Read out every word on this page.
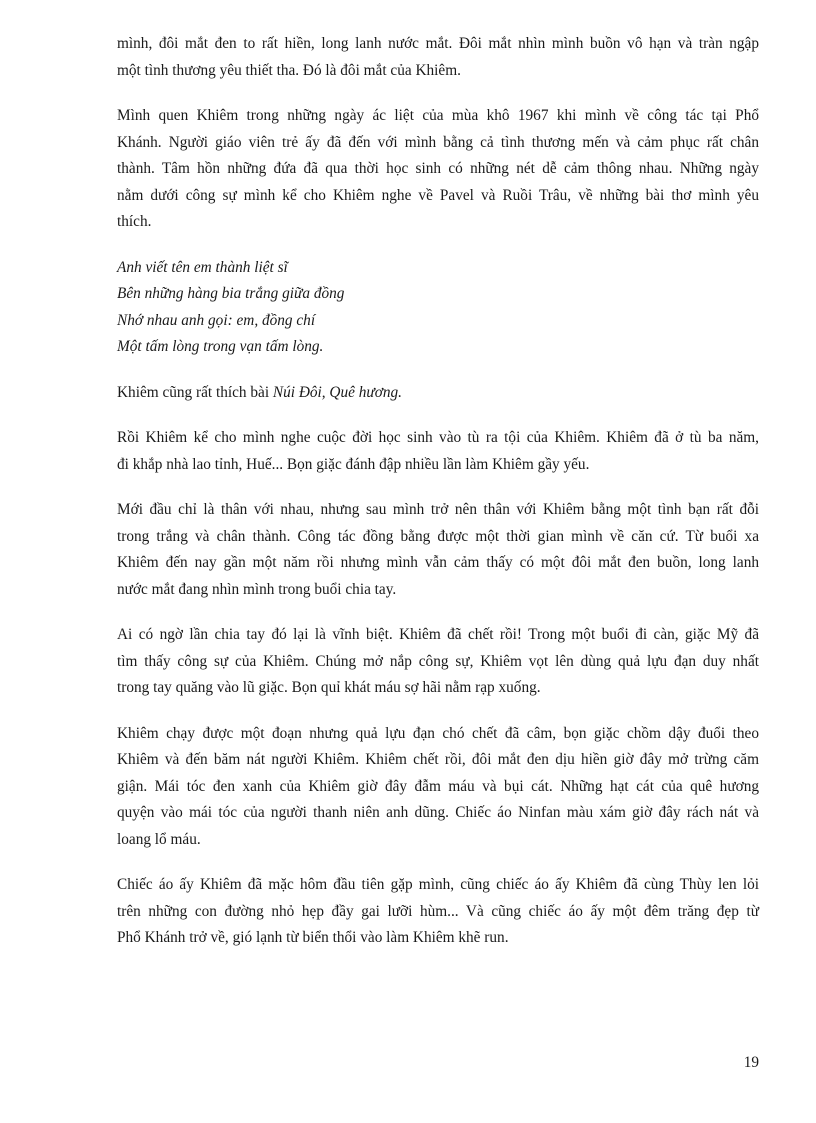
mình, đôi mắt đen to rất hiền, long lanh nước mắt. Đôi mắt nhìn mình buồn vô hạn và tràn ngập
một tình thương yêu thiết tha. Đó là đôi mắt của Khiêm.

Mình quen Khiêm trong những ngày ác liệt của mùa khô 1967 khi mình về công tác tại Phổ
Khánh. Người giáo viên trẻ ấy đã đến với mình bằng cả tình thương mến và cảm phục rất chân
thành. Tâm hồn những đứa đã qua thời học sinh có những nét dễ cảm thông nhau. Những ngày
nằm dưới công sự mình kể cho Khiêm nghe về Pavel và Ruồi Trâu, về những bài thơ mình yêu
thích.

Anh viết tên em thành liệt sĩ
Bên những hàng bia trắng giữa đồng
Nhớ nhau anh gọi: em, đồng chí
Một tấm lòng trong vạn tấm lòng.

Khiêm cũng rất thích bài Núi Đôi, Quê hương.

Rồi Khiêm kể cho mình nghe cuộc đời học sinh vào tù ra tội của Khiêm. Khiêm đã ở tù ba năm,
đi khắp nhà lao tỉnh, Huế... Bọn giặc đánh đập nhiều lần làm Khiêm gầy yếu.

Mới đầu chỉ là thân với nhau, nhưng sau mình trở nên thân với Khiêm bằng một tình bạn rất đỗi
trong trắng và chân thành. Công tác đồng bằng được một thời gian mình về căn cứ. Từ buổi xa
Khiêm đến nay gần một năm rồi nhưng mình vẫn cảm thấy có một đôi mắt đen buồn, long lanh
nước mắt đang nhìn mình trong buổi chia tay.

Ai có ngờ lần chia tay đó lại là vĩnh biệt. Khiêm đã chết rồi! Trong một buổi đi càn, giặc Mỹ đã
tìm thấy công sự của Khiêm. Chúng mở nắp công sự, Khiêm vọt lên dùng quả lựu đạn duy nhất
trong tay quăng vào lũ giặc. Bọn quỉ khát máu sợ hãi nằm rạp xuống.

Khiêm chạy được một đoạn nhưng quả lựu đạn chó chết đã câm, bọn giặc chồm dậy đuổi theo
Khiêm và đến băm nát người Khiêm. Khiêm chết rồi, đôi mắt đen dịu hiền giờ đây mở trừng căm
giận. Mái tóc đen xanh của Khiêm giờ đây đẫm máu và bụi cát. Những hạt cát của quê hương
quyện vào mái tóc của người thanh niên anh dũng. Chiếc áo Ninfan màu xám giờ đây rách nát và
loang lổ máu.

Chiếc áo ấy Khiêm đã mặc hôm đầu tiên gặp mình, cũng chiếc áo ấy Khiêm đã cùng Thùy len lỏi
trên những con đường nhỏ hẹp đầy gai lưỡi hùm... Và cũng chiếc áo ấy một đêm trăng đẹp từ
Phổ Khánh trở về, gió lạnh từ biển thổi vào làm Khiêm khẽ run.

19
